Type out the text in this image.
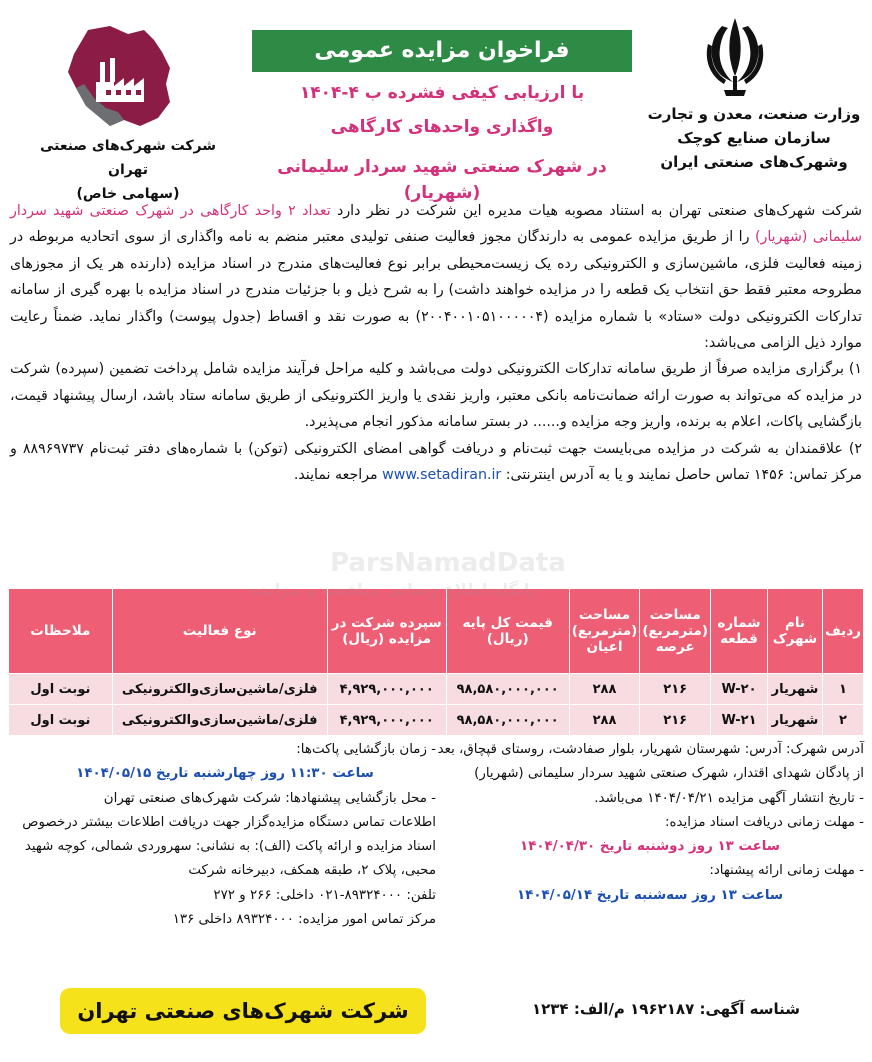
وزارت صنعت، معدن و تجارت
سازمان صنایع کوچک
وشهرک‌های صنعتی ایران
شرکت شهرک‌های صنعتی تهران
(سهامی خاص)
فراخوان مزایده عمومی
با ارزیابی کیفی فشرده ب ۴-۱۴۰۴
واگذاری واحدهای کارگاهی
در شهرک صنعتی شهید سردار سلیمانی (شهریار)
شرکت شهرک‌های صنعتی تهران به استناد مصوبه هیات مدیره این شرکت در نظر دارد تعداد ۲ واحد کارگاهی در شهرک صنعتی شهید سردار سلیمانی (شهریار) را از طریق مزایده عمومی به دارندگان مجوز فعالیت صنفی تولیدی معتبر منضم به نامه واگذاری از سوی اتحادیه مربوطه در زمینه فعالیت فلزی، ماشین‌سازی و الکترونیکی رده یک زیست‌محیطی برابر نوع فعالیت‌های مندرج در اسناد مزایده (دارنده هر یک از مجوزهای مطروحه معتبر فقط حق انتخاب یک قطعه را در مزایده خواهند داشت) را به شرح ذیل و با جزئیات مندرج در اسناد مزایده با بهره گیری از سامانه تدارکات الکترونیکی دولت «ستاد» با شماره مزایده (۲۰۰۴۰۰۱۰۵۱۰۰۰۰۰۴) به صورت نقد و اقساط (جدول پیوست) واگذار نماید. ضمناً رعایت موارد ذیل الزامی می‌باشد:
۱) برگزاری مزایده صرفاً از طریق سامانه تدارکات الکترونیکی دولت می‌باشد و کلیه مراحل فرآیند مزایده شامل پرداخت تضمین (سپرده) شرکت در مزایده که می‌تواند به صورت ارائه ضمانت‌نامه بانکی معتبر، واریز نقدی یا واریز الکترونیکی از طریق سامانه ستاد باشد، ارسال پیشنهاد قیمت، بازگشایی پاکات، اعلام به برنده، واریز وجه مزایده و...... در بستر سامانه مذکور انجام می‌پذیرد.
۲) علاقمندان به شرکت در مزایده می‌بایست جهت ثبت‌نام و دریافت گواهی امضای الکترونیکی (توکن) با شماره‌های دفتر ثبت‌نام ۸۸۹۶۹۷۳۷ و مرکز تماس: ۱۴۵۶ تماس حاصل نمایند و یا به آدرس اینترنتی: www.setadiran.ir مراجعه نمایند.
ردیف	نام شهرک	شماره قطعه	مساحت (مترمربع) عرصه	مساحت (مترمربع) اعیان	قیمت کل پایه (ریال)	سپرده شرکت در مزایده (ریال)	نوع فعالیت	ملاحظات
۱	شهریار	W-۲۰	۲۱۶	۲۸۸	۹۸,۵۸۰,۰۰۰,۰۰۰	۴,۹۲۹,۰۰۰,۰۰۰	فلزی/ماشین‌سازی‌والکترونیکی	نوبت اول
۲	شهریار	W-۲۱	۲۱۶	۲۸۸	۹۸,۵۸۰,۰۰۰,۰۰۰	۴,۹۲۹,۰۰۰,۰۰۰	فلزی/ماشین‌سازی‌والکترونیکی	نوبت اول
آدرس شهرک: آدرس: شهرستان شهریار، بلوار صفادشت، روستای قپچاق، بعد از پادگان شهدای اقتدار، شهرک صنعتی شهید سردار سلیمانی (شهریار)
- تاریخ انتشار آگهی مزایده ۱۴۰۴/۰۴/۲۱ می‌باشد.
- مهلت زمانی دریافت اسناد مزایده:
ساعت ۱۳ روز دوشنبه تاریخ ۱۴۰۴/۰۴/۳۰
- مهلت زمانی ارائه پیشنهاد:
ساعت ۱۳ روز سه‌شنبه تاریخ ۱۴۰۴/۰۵/۱۴
- زمان بازگشایی پاکت‌ها:
ساعت ۱۱:۳۰ روز چهارشنبه تاریخ ۱۴۰۴/۰۵/۱۵
- محل بازگشایی پیشنهادها: شرکت شهرک‌های صنعتی تهران
اطلاعات تماس دستگاه مزایده‌گزار جهت دریافت اطلاعات بیشتر درخصوص اسناد مزایده و ارائه پاکت (الف): به نشانی: سهروردی شمالی، کوچه شهید محبی، پلاک ۲، طبقه همکف، دبیرخانه شرکت
تلفن: ۸۹۳۲۴۰۰۰-۰۲۱ داخلی: ۲۶۶ و ۲۷۲
مرکز تماس امور مزایده: ۸۹۳۲۴۰۰۰ داخلی ۱۳۶
شرکت شهرک‌های صنعتی تهران	شناسه آگهی: ۱۹۶۲۱۸۷ م/الف: ۱۲۳۴
پایگاه اطلاع رسانی مناقصه و مزایده
ParsNamadData
